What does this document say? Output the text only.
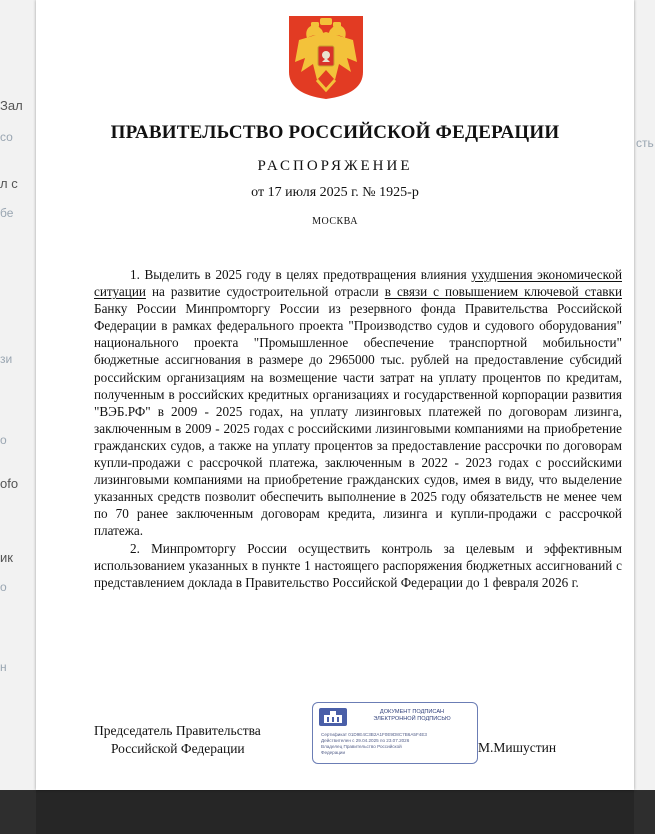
Зал
со	сть
л с
бе
зи
ofo
ик
о
o
н
ПРАВИТЕЛЬСТВО РОССИЙСКОЙ ФЕДЕРАЦИИ
РАСПОРЯЖЕНИЕ
от 17 июля 2025 г. № 1925-р
МОСКВА

1. Выделить в 2025 году в целях предотвращения влияния ухудшения экономической ситуации на развитие судостроительной отрасли в связи с повышением ключевой ставки Банку России Минпромторгу России из резервного фонда Правительства Российской Федерации в рамках федерального проекта "Производство судов и судового оборудования" национального проекта "Промышленное обеспечение транспортной мобильности" бюджетные ассигнования в размере до 2965000 тыс. рублей на предоставление субсидий российским организациям на возмещение части затрат на уплату процентов по кредитам, полученным в российских кредитных организациях и государственной корпорации развития "ВЭБ.РФ" в 2009 - 2025 годах, на уплату лизинговых платежей по договорам лизинга, заключенным в 2009 - 2025 годах с российскими лизинговыми компаниями на приобретение гражданских судов, а также на уплату процентов за предоставление рассрочки по договорам купли-продажи с рассрочкой платежа, заключенным в 2022 - 2023 годах с российскими лизинговыми компаниями на приобретение гражданских судов, имея в виду, что выделение указанных средств позволит обеспечить выполнение в 2025 году обязательств не менее чем по 70 ранее заключенным договорам кредита, лизинга и купли-продажи с рассрочкой платежа.

2. Минпромторгу России осуществить контроль за целевым и эффективным использованием указанных в пункте 1 настоящего распоряжения бюджетных ассигнований с представлением доклада в Правительство Российской Федерации до 1 февраля 2026 г.

Председатель Правительства
Российской Федерации
ДОКУМЕНТ ПОДПИСАН
ЭЛЕКТРОННОЙ ПОДПИСЬЮ
Сертификат 01D9E4C3B2A1F0E9D8C7B6A5F4E3
Действителен с 29.04.2025 по 23.07.2026
Владелец Правительство Российской
Федерации	М.Мишустин
